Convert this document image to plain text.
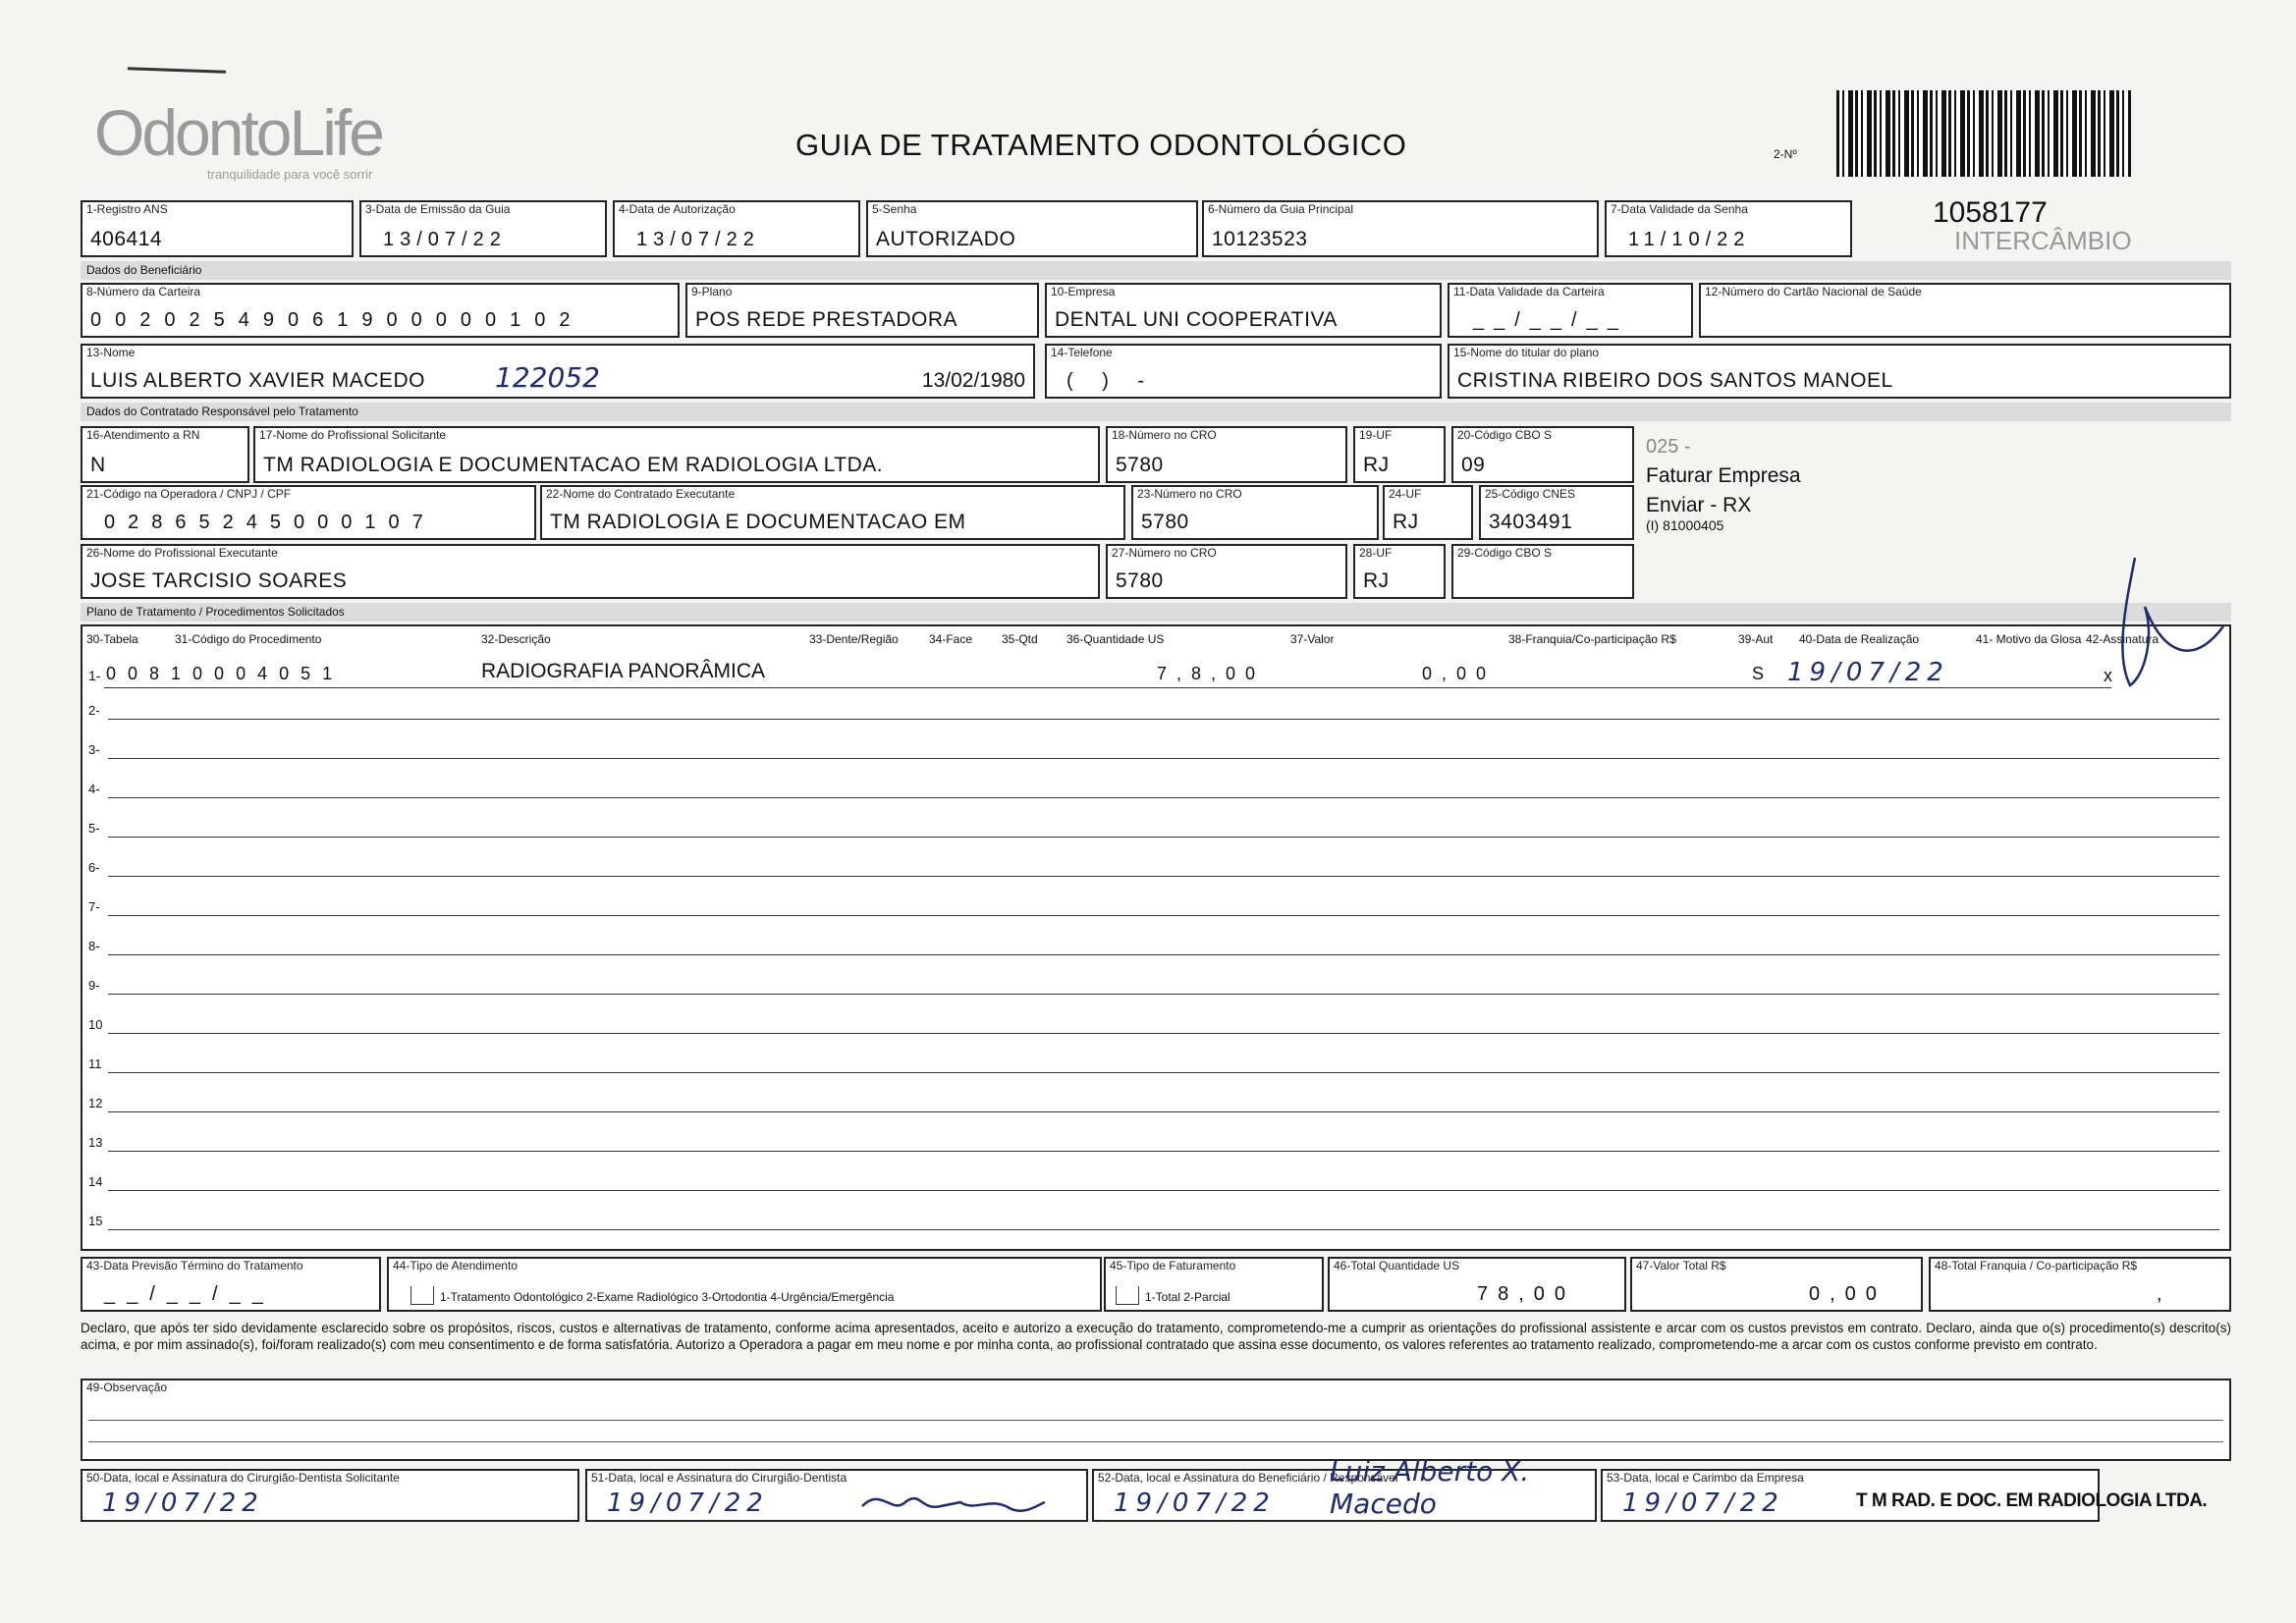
OdontoLife
tranquilidade para você sorrir
GUIA DE TRATAMENTO ODONTOLÓGICO	2-Nº
1058177
INTERCÂMBIO
1-Registro ANS
406414
3-Data de Emissão da Guia
13/07/22
4-Data de Autorização
13/07/22
5-Senha
AUTORIZADO
6-Número da Guia Principal
10123523
7-Data Validade da Senha
11/10/22
Dados do Beneficiário
8-Número da Carteira
00202549061900000102
9-Plano
POS REDE PRESTADORA
10-Empresa
DENTAL UNI COOPERATIVA
11-Data Validade da Carteira
__/__/__
12-Número do Cartão Nacional de Saúde
13-Nome
LUIS ALBERTO XAVIER MACEDO	122052	13/02/1980
14-Telefone
( ) -
15-Nome do titular do plano
CRISTINA RIBEIRO DOS SANTOS MANOEL
Dados do Contratado Responsável pelo Tratamento
16-Atendimento a RN
N
17-Nome do Profissional Solicitante
TM RADIOLOGIA E DOCUMENTACAO EM RADIOLOGIA LTDA.
18-Número no CRO
5780
19-UF
RJ
20-Código CBO S
09
21-Código na Operadora / CNPJ / CPF
02865245000107
22-Nome do Contratado Executante
TM RADIOLOGIA E DOCUMENTACAO EM
23-Número no CRO
5780
24-UF
RJ
25-Código CNES
3403491
26-Nome do Profissional Executante
JOSE TARCISIO SOARES
27-Número no CRO
5780
28-UF
RJ
29-Código CBO S
025 -
Faturar Empresa
Enviar - RX
(I) 81000405
Plano de Tratamento / Procedimentos Solicitados
30-Tabela	31-Código do Procedimento	32-Descrição	33-Dente/Região	34-Face 35-Qtd 36-Quantidade US	37-Valor	38-Franquia/Co-participação R$	39-Aut 40-Data de Realização	41- Motivo da Glosa 42-Assinatura
1- 00810004051	RADIOGRAFIA PANORÂMICA	7,8,00	0,00	S 19/07/22	x
2-
3-
4-
5-
6-
7-
8-
9-
10
11
12
13
14
15
43-Data Previsão Término do Tratamento
__/__/__
44-Tipo de Atendimento
1-Tratamento Odontológico 2-Exame Radiológico 3-Ortodontia 4-Urgência/Emergência
45-Tipo de Faturamento
1-Total 2-Parcial
46-Total Quantidade US
78,00
47-Valor Total R$
0,00
48-Total Franquia / Co-participação R$
,
Declaro, que após ter sido devidamente esclarecido sobre os propósitos, riscos, custos e alternativas de tratamento, conforme acima apresentados, aceito e autorizo a execução do tratamento, comprometendo-me a cumprir as orientações do profissional assistente e arcar com os custos previstos em contrato. Declaro, ainda que o(s) procedimento(s) descrito(s) acima, e por mim assinado(s), foi/foram realizado(s) com meu consentimento e de forma satisfatória. Autorizo a Operadora a pagar em meu nome e por minha conta, ao profissional contratado que assina esse documento, os valores referentes ao tratamento realizado, comprometendo-me a arcar com os custos conforme previsto em contrato.
49-Observação
50-Data, local e Assinatura do Cirurgião-Dentista Solicitante
19/07/22
51-Data, local e Assinatura do Cirurgião-Dentista
19/07/22
52-Data, local e Assinatura do Beneficiário / Responsável
19/07/22
Luiz Alberto X. Macedo
53-Data, local e Carimbo da Empresa
19/07/22	T M RAD. E DOC. EM RADIOLOGIA LTDA.
